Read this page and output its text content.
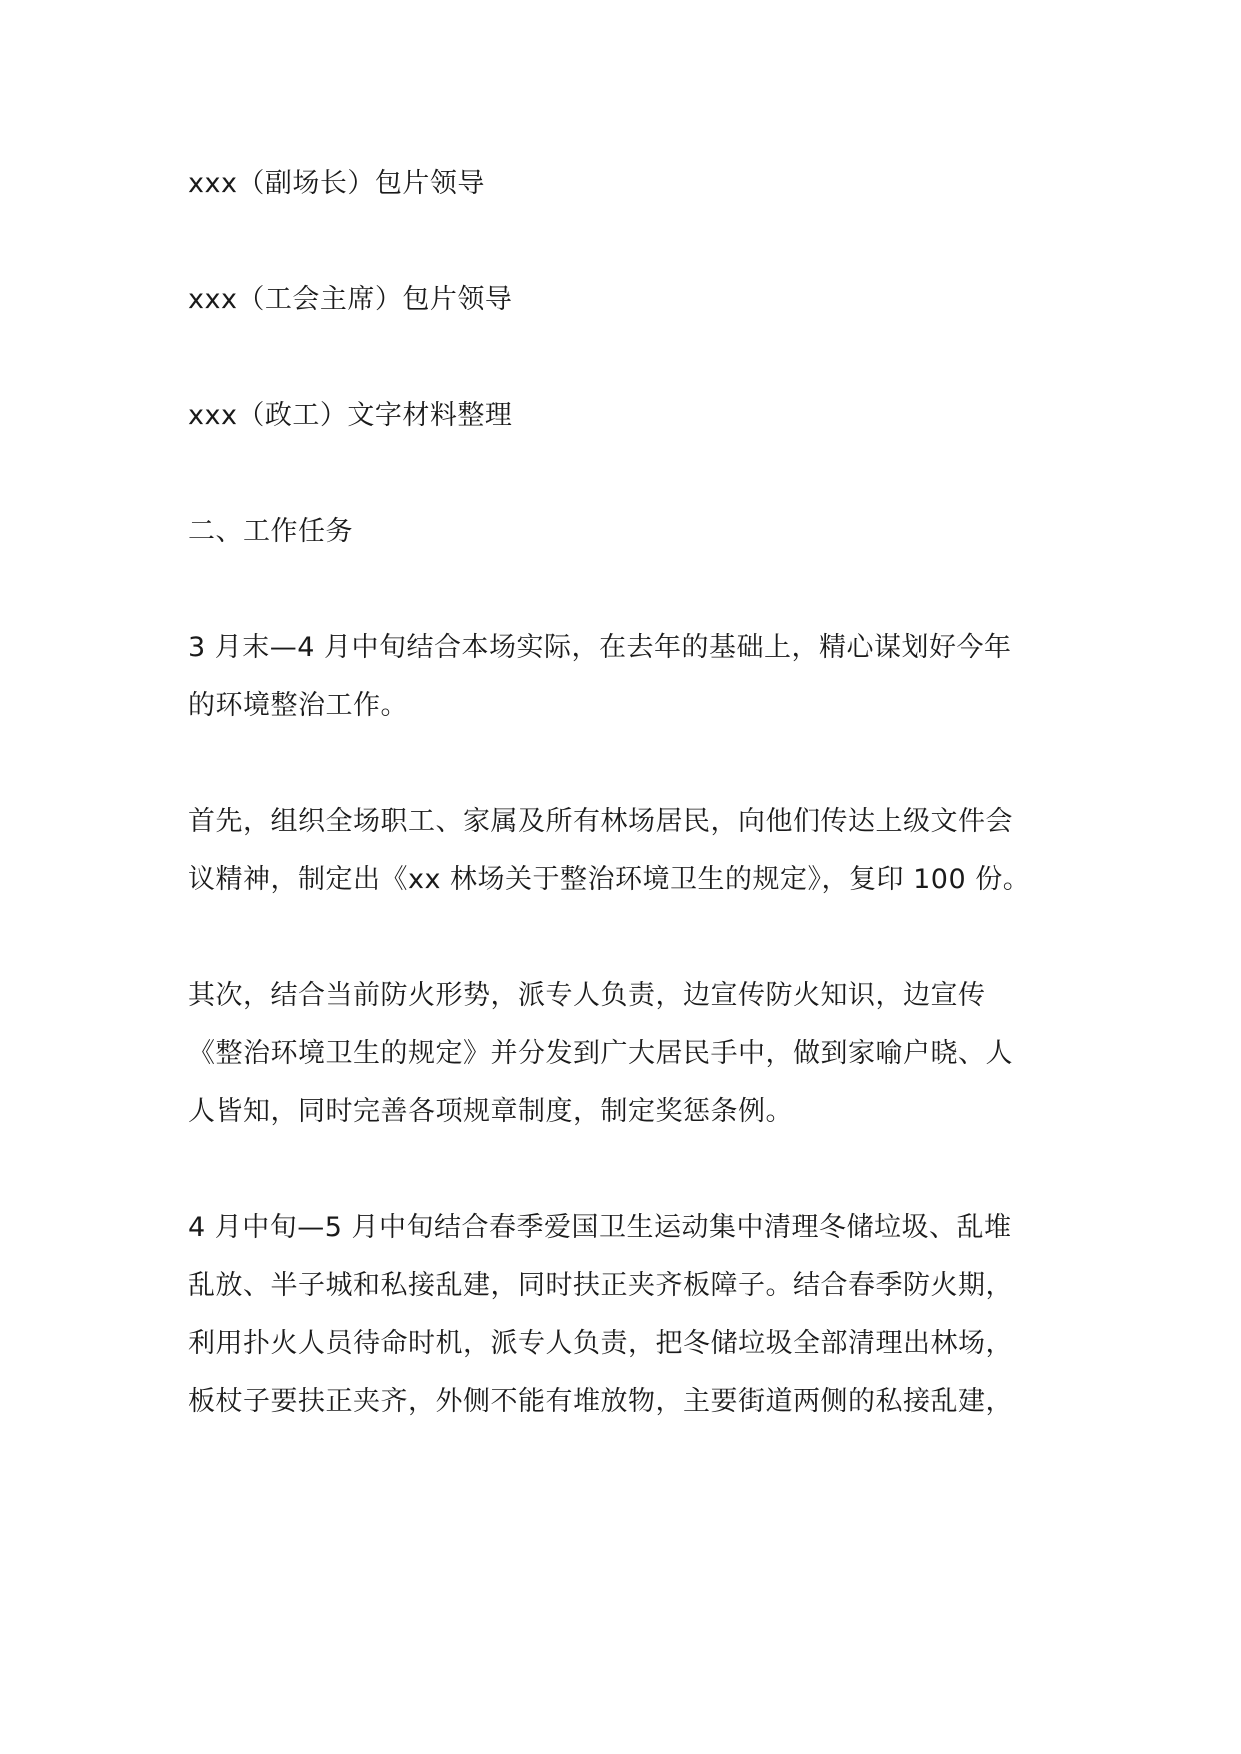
xxx（副场长）包片领导
xxx（工会主席）包片领导
xxx（政工）文字材料整理
二、工作任务
3 月末—4 月中旬结合本场实际，在去年的基础上，精心谋划好今年
的环境整治工作。
首先，组织全场职工、家属及所有林场居民，向他们传达上级文件会
议精神，制定出《xx 林场关于整治环境卫生的规定》，复印 100 份。
其次，结合当前防火形势，派专人负责，边宣传防火知识，边宣传
《整治环境卫生的规定》并分发到广大居民手中，做到家喻户晓、人
人皆知，同时完善各项规章制度，制定奖惩条例。
4 月中旬—5 月中旬结合春季爱国卫生运动集中清理冬储垃圾、乱堆
乱放、半子城和私接乱建，同时扶正夹齐板障子。结合春季防火期，
利用扑火人员待命时机，派专人负责，把冬储垃圾全部清理出林场，
板杖子要扶正夹齐，外侧不能有堆放物，主要街道两侧的私接乱建，
